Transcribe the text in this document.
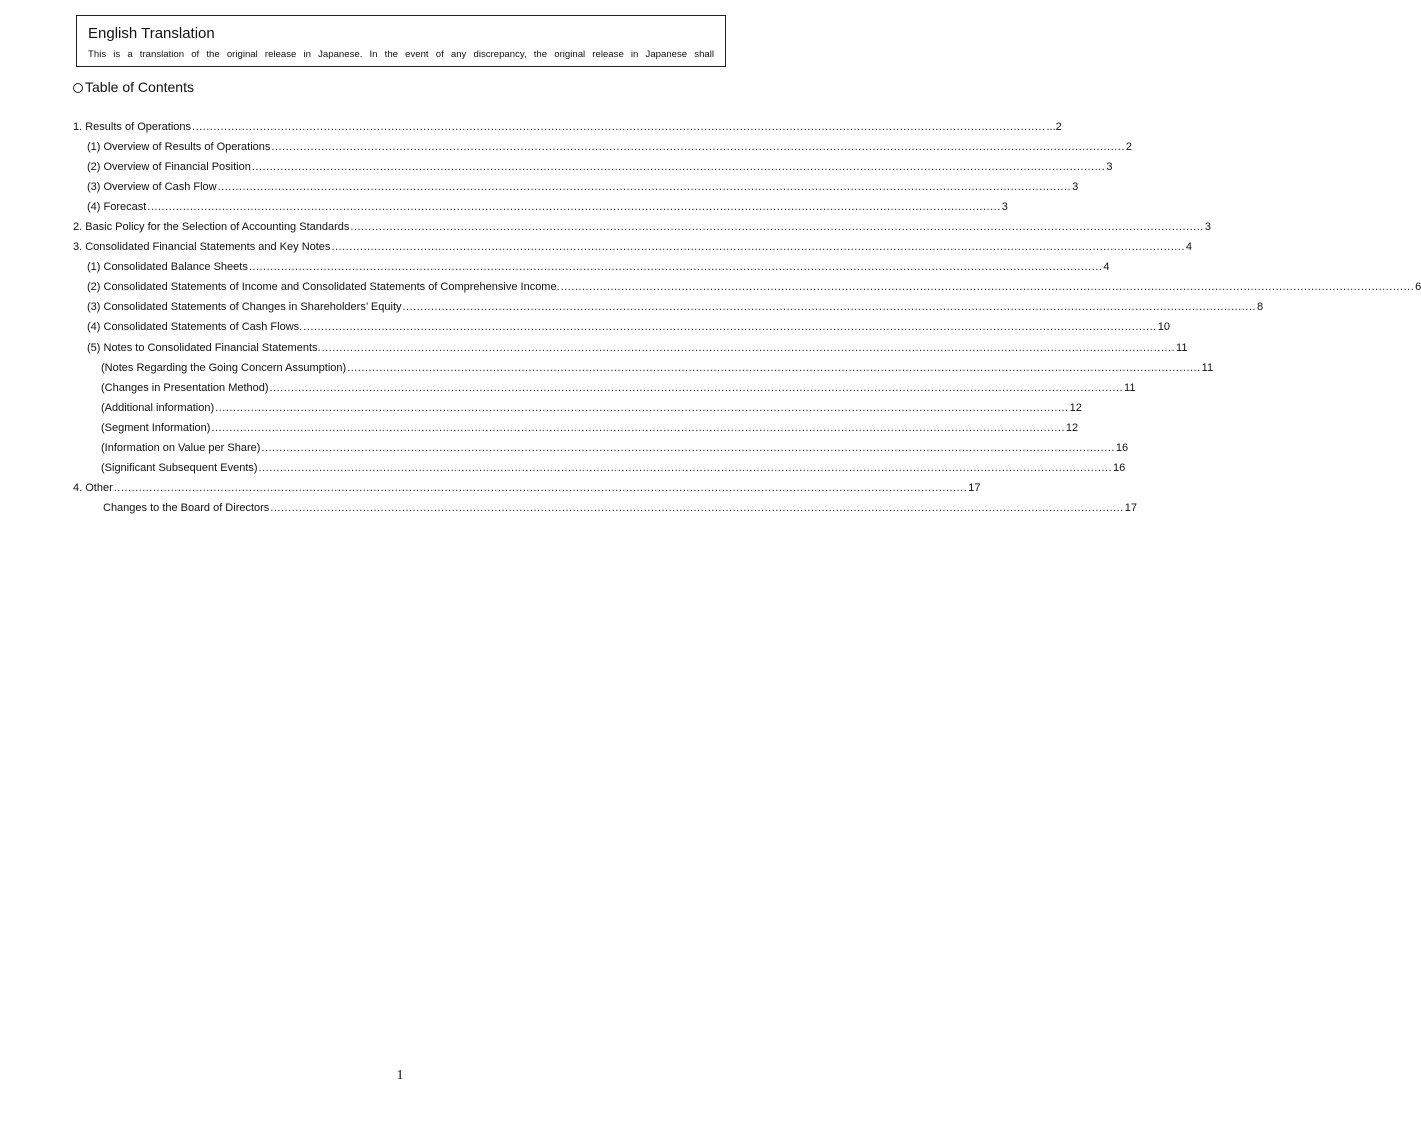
English Translation
This is a translation of the original release in Japanese. In the event of any discrepancy, the original release in Japanese shall
Table of Contents
1. Results of Operations ................................................................................................................................................................................................................................................ ...2
(1) Overview of Results of Operations ................................................................................................................................................................................................................................................ 2
(2) Overview of Financial Position ................................................................................................................................................................................................................................................ 3
(3) Overview of Cash Flow ................................................................................................................................................................................................................................................ 3
(4) Forecast ................................................................................................................................................................................................................................................ 3
2. Basic Policy for the Selection of Accounting Standards ................................................................................................................................................................................................................................................ 3
3. Consolidated Financial Statements and Key Notes ................................................................................................................................................................................................................................................ 4
(1) Consolidated Balance Sheets ................................................................................................................................................................................................................................................ 4
(2) Consolidated Statements of Income and Consolidated Statements of Comprehensive Income. ................................................................................................................................................................................................................................................ 6
(3) Consolidated Statements of Changes in Shareholders’ Equity ................................................................................................................................................................................................................................................ 8
(4) Consolidated Statements of Cash Flows. ................................................................................................................................................................................................................................................ 10
(5) Notes to Consolidated Financial Statements. ................................................................................................................................................................................................................................................ 11
(Notes Regarding the Going Concern Assumption) ................................................................................................................................................................................................................................................ 11
(Changes in Presentation Method) ................................................................................................................................................................................................................................................ 11
(Additional information) ................................................................................................................................................................................................................................................ 12
(Segment Information) ................................................................................................................................................................................................................................................ 12
(Information on Value per Share) ................................................................................................................................................................................................................................................ 16
(Significant Subsequent Events) ................................................................................................................................................................................................................................................ 16
4. Other ................................................................................................................................................................................................................................................ 17
Changes to the Board of Directors ................................................................................................................................................................................................................................................ 17
1
